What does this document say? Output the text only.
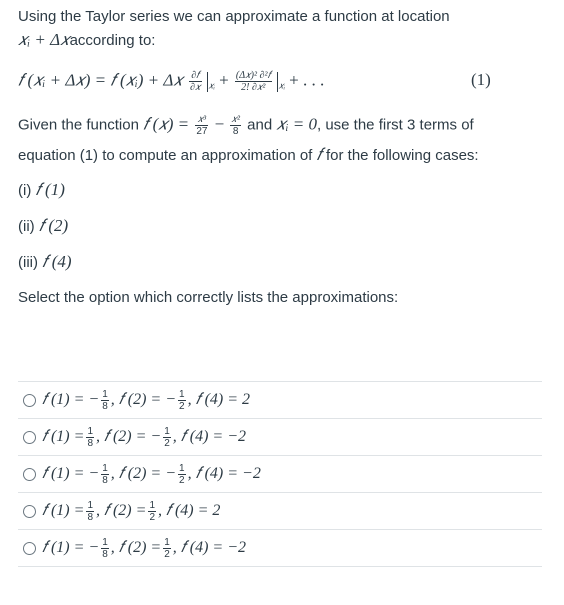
Using the Taylor series we can approximate a function at location
𝑥ᵢ + Δ𝑥according to:
𝑓 (𝑥ᵢ + Δ𝑥) = 𝑓 (𝑥ᵢ) + Δ𝑥 $\frac{\text{∂𝑓}}{\text{∂𝑥}} _{𝑥ᵢ} + \frac{\text{(Δ𝑥)² ∂²𝑓}}{\text{2! ∂𝑥²}} _{𝑥ᵢ}$ + . . .	(1)
Given the function 𝑓 (𝑥) = $\frac{\text{𝑥³}}{27} - \frac{\text{𝑥²}}{8}$ and 𝑥ᵢ = 0, use the first 3 terms of
equation (1) to compute an approximation of 𝑓 for the following cases:
(i) 𝑓 (1)
(ii) 𝑓 (2)
(iii) 𝑓 (4)
Select the option which correctly lists the approximations:
𝑓 (1) = − $\frac{1}{8}$ , 𝑓 (2) = − $\frac{1}{2}$ , 𝑓 (4) = 2
𝑓 $(1) = \frac{1}{8}$ , 𝑓 (2) = − $\frac{1}{2}$ , 𝑓 (4) = −2
𝑓 (1) = − $\frac{1}{8}$ , 𝑓 (2) = − $\frac{1}{2}$ , 𝑓 (4) = −2
𝑓 $(1) = \frac{1}{8}$ , 𝑓 $(2) = \frac{1}{2}$ , 𝑓 (4) = 2
𝑓 (1) = − $\frac{1}{8}$ , 𝑓 $(2) = \frac{1}{2}$ , 𝑓 (4) = −2
